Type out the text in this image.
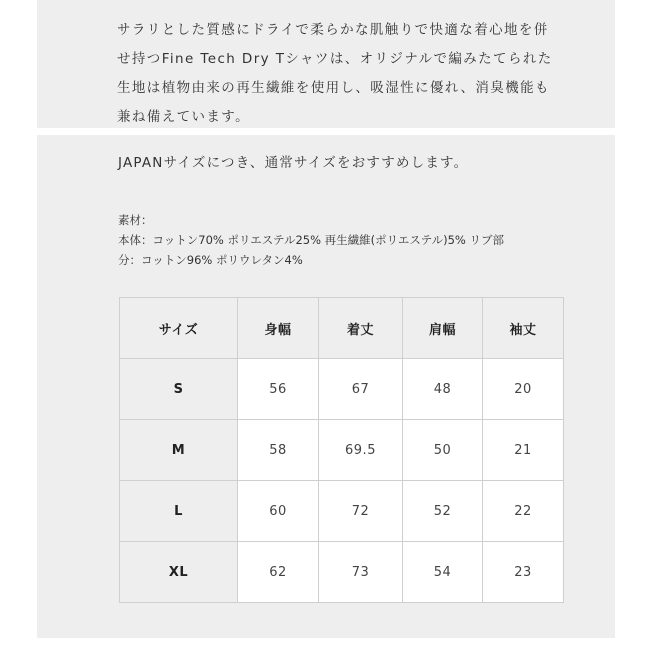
サラリとした質感にドライで柔らかな肌触りで快適な着心地を併
せ持つFine Tech Dry Tシャツは、オリジナルで編みたてられた
生地は植物由来の再生繊維を使用し、吸湿性に優れ、消臭機能も
兼ね備えています。
JAPANサイズにつき、通常サイズをおすすめします。
素材：
本体：コットン70% ポリエステル25% 再生繊維(ポリエステル)5% リブ部
分：コットン96% ポリウレタン4%
サイズ	身幅	着丈	肩幅	袖丈
S	56	67	48	20
M	58	69.5	50	21
L	60	72	52	22
XL	62	73	54	23
